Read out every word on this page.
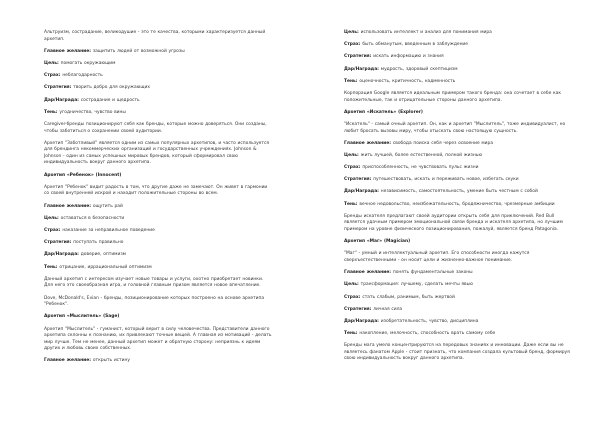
Альтруизм, сострадание, великодушие - это те качества, которыми характеризуется данный архетип.

Главное желание: защитить людей от возможной угрозы

Цель: помогать окружающим

Страх: неблагодарность

Стратегия: творить добро для окружающих

Дар/Награда: сострадание и щедрость

Тень: угодничество, чувство вины

Caregiver-бренды позиционируют себя как бренды, которые можно доверяться. Они созданы, чтобы заботиться о сохранении своей аудитории.

Архетип "Заботливый" является одним из самых популярных архетипов, и часто используется для брендинга некоммерческих организаций и государственных учреждениях. Johnson & Johnson - один из самых успешных мировых брендов, который сформировал свою индивидуальность вокруг данного архетипа.

Архетип «Ребенок» (Innocent)

Архетип "Ребенок" видит радость в том, что другие даже не замечают. Он живет в гармонии со своей внутренней искрой и находит положительные стороны во всем.

Главное желание: ощутить рай

Цель: оставаться в безопасности

Страх: наказание за неправильное поведение

Стратегия: поступать правильно

Дар/Награда: доверие, оптимизм

Тень: отрицание, иррациональный оптимизм

Данный архетип с интересом изучает новые товары и услуги, охотно приобретает новинки. Для него это своеобразная игра, и головной главным призом является новое впечатление.

Dove, McDonald's, Evian - бренды, позиционирование которых построено на основе архетипа "Ребенок".

Архетип «Мыслитель» (Sage)

Архетип "Мыслитель" - гуманист, который верит в силу человечества. Представители данного архетипа склонны к познанию, их привлекают точные вещей. А главная из мотиваций - делать мир лучше. Тем не менее, данный архетип может и обратную сторону: неприязнь к идеям других и любовь своих собственных.

Главное желание: открыть истину

Цель: использовать интеллект и анализ для понимания мира

Страх: быть обманутым, введенным в заблуждение

Стратегия: искать информацию и знания

Дар/Награда: мудрость, здоровый скептицизм

Тень: оценочность, критичность, надменность

Корпорация Google является идеальным примером такого бренда: она сочетает в себе как положительные, так и отрицательные стороны данного архетипа.

Архетип «Искатель» (Explorer)

"Искатель" - самый очный архетип. Он, как и архетип "Мыслитель", тоже индивидуалист, но любит бросать вызовы миру, чтобы отыскать свою настоящую сущность.

Главное желание: свобода поиска себя через освоение мира

Цель: жить лучшей, более естественной, полной жизнью

Страх: приспособленность, не чувствовать пульс жизни

Стратегия: путешествовать, искать и переживать новое, избегать скуки

Дар/Награда: независимость, самостоятельность, умение быть честным с собой

Тень: вечное недовольство, неизбежательность, бродяжничество, чрезмерные амбиции

Бренды искателя предлагают своей аудитории открыть себя для приключений. Red Bull является удачным примером эмоциональной связи бренда и искателя архетипа, но лучшим примером на уровне физического позиционирования, пожалуй, является бренд Patagonia.

Архетип «Маг» (Magician)

"Маг" - умный и интеллектуальный архетип. Его способности иногда кажутся сверхъестественными - он носит цели и жизненно-важное понимание.

Главное желание: понять фундаментальные законы

Цель: трансформация: лучшему, сделать мечты явью

Страх: стать слабым, ранимым, быть жертвой

Стратегия: личная сила

Дар/Награда: изобретательность, чувство, дисциплина

Тень: накопление, мелочность, способность врать самому себе

Бренды мага умело концентрируются на передовых знаниях и инновации. Даже если вы не являетесь фанатом Apple - стоит признать, что компания создала культовый бренд, формируя свою индивидуальность вокруг данного архетипа.
